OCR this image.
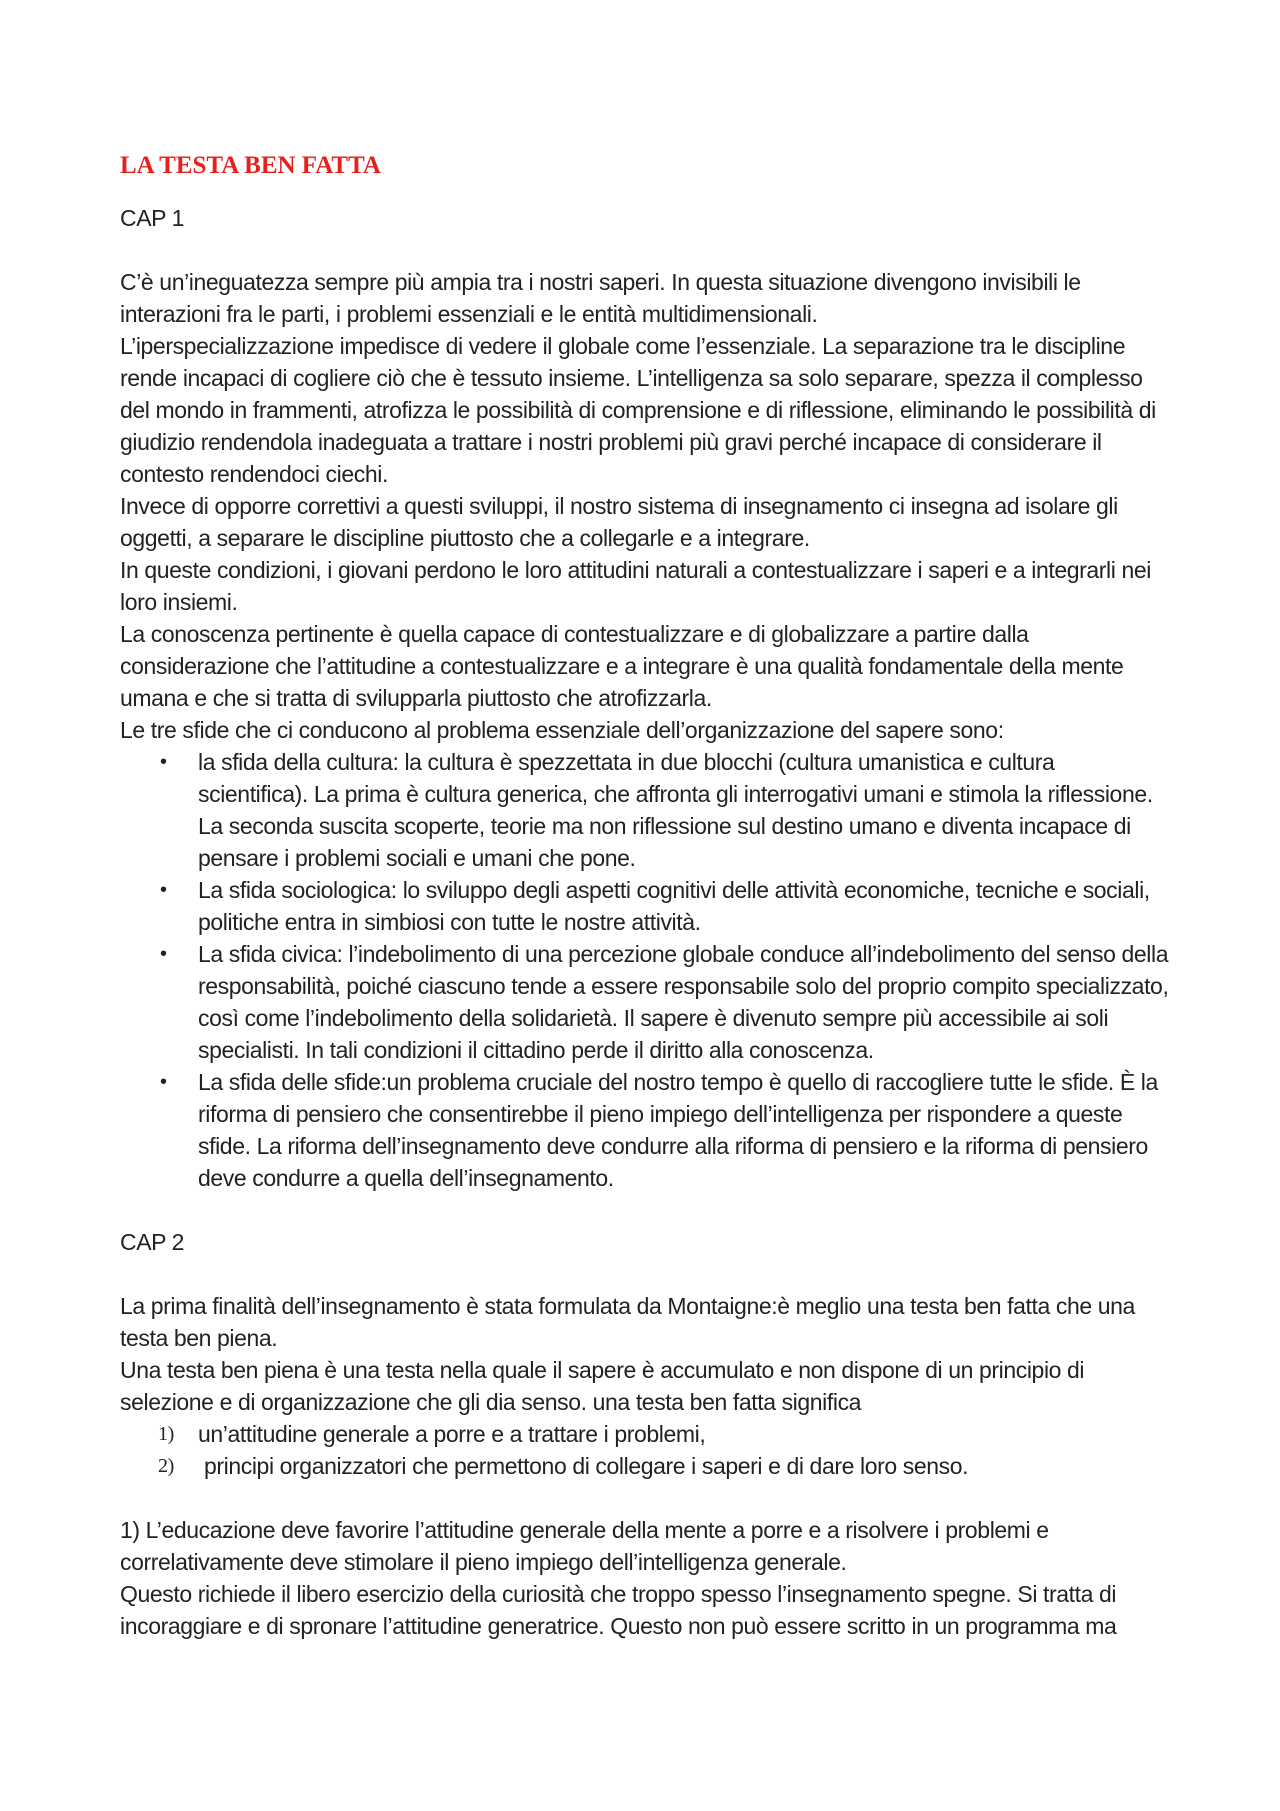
LA TESTA BEN FATTA

CAP 1

C’è un’ineguatezza sempre più ampia tra i nostri saperi. In questa situazione divengono invisibili le interazioni fra le parti, i problemi essenziali e le entità multidimensionali.

L’iperspecializzazione impedisce di vedere il globale come l’essenziale. La separazione tra le discipline rende incapaci di cogliere ciò che è tessuto insieme. L’intelligenza sa solo separare, spezza il complesso del mondo in frammenti, atrofizza le possibilità di comprensione e di riflessione, eliminando le possibilità di giudizio rendendola inadeguata a trattare i nostri problemi più gravi perché incapace di considerare il contesto rendendoci ciechi.

Invece di opporre correttivi a questi sviluppi, il nostro sistema di insegnamento ci insegna ad isolare gli oggetti, a separare le discipline piuttosto che a collegarle e a integrare.

In queste condizioni, i giovani perdono le loro attitudini naturali a contestualizzare i saperi e a integrarli nei loro insiemi.

La conoscenza pertinente è quella capace di contestualizzare e di globalizzare a partire dalla considerazione che l’attitudine a contestualizzare e a integrare è una qualità fondamentale della mente umana e che si tratta di svilupparla piuttosto che atrofizzarla.

Le tre sfide che ci conducono al problema essenziale dell’organizzazione del sapere sono:

• la sfida della cultura: la cultura è spezzettata in due blocchi (cultura umanistica e cultura scientifica). La prima è cultura generica, che affronta gli interrogativi umani e stimola la riflessione. La seconda suscita scoperte, teorie ma non riflessione sul destino umano e diventa incapace di pensare i problemi sociali e umani che pone.
• La sfida sociologica: lo sviluppo degli aspetti cognitivi delle attività economiche, tecniche e sociali, politiche entra in simbiosi con tutte le nostre attività.
• La sfida civica: l’indebolimento di una percezione globale conduce all’indebolimento del senso della responsabilità, poiché ciascuno tende a essere responsabile solo del proprio compito specializzato, così come l’indebolimento della solidarietà. Il sapere è divenuto sempre più accessibile ai soli specialisti. In tali condizioni il cittadino perde il diritto alla conoscenza.
• La sfida delle sfide:un problema cruciale del nostro tempo è quello di raccogliere tutte le sfide. È la riforma di pensiero che consentirebbe il pieno impiego dell’intelligenza per rispondere a queste sfide. La riforma dell’insegnamento deve condurre alla riforma di pensiero e la riforma di pensiero deve condurre a quella dell’insegnamento.

CAP 2

La prima finalità dell’insegnamento è stata formulata da Montaigne:è meglio una testa ben fatta che una testa ben piena.

Una testa ben piena è una testa nella quale il sapere è accumulato e non dispone di un principio di selezione e di organizzazione che gli dia senso. una testa ben fatta significa

1) un’attitudine generale a porre e a trattare i problemi,
2) principi organizzatori che permettono di collegare i saperi e di dare loro senso.

1) L’educazione deve favorire l’attitudine generale della mente a porre e a risolvere i problemi e correlativamente deve stimolare il pieno impiego dell’intelligenza generale.

Questo richiede il libero esercizio della curiosità che troppo spesso l’insegnamento spegne. Si tratta di incoraggiare e di spronare l’attitudine generatrice. Questo non può essere scritto in un programma ma
